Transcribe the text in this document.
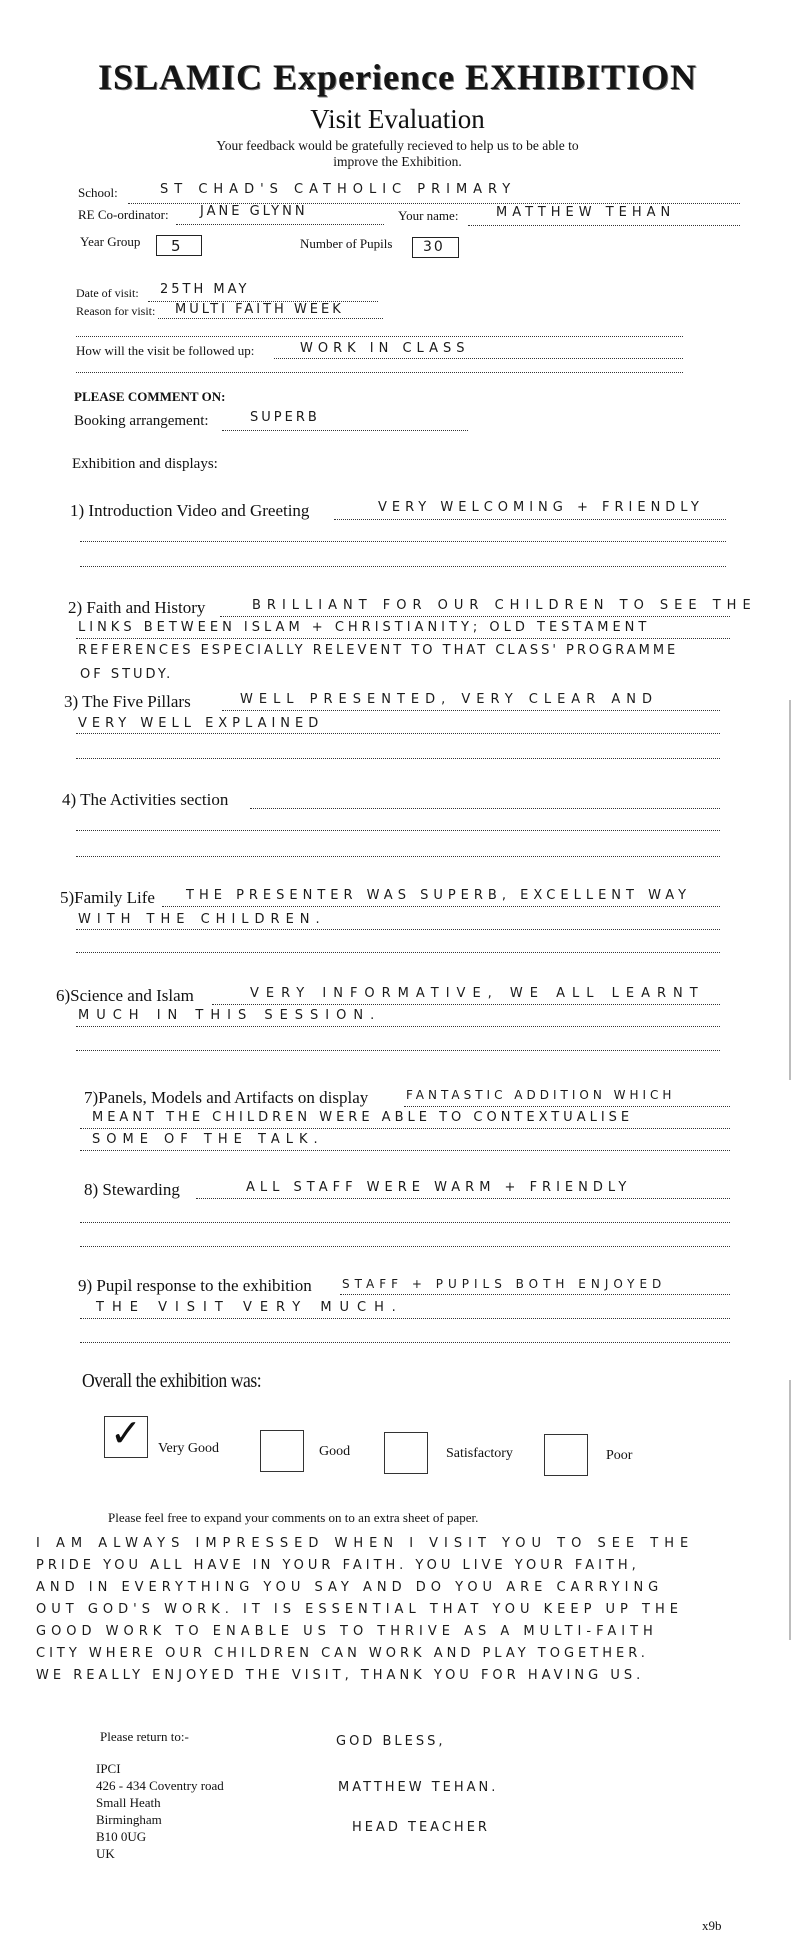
ISLAMIC Experience EXHIBITION
Visit Evaluation
Your feedback would be gratefully recieved to help us to be able to
improve the Exhibition.
School:	ST CHAD'S CATHOLIC PRIMARY
RE Co-ordinator: JANE GLYNN	Your name:	MATTHEW TEHAN
Year Group 5	Number of Pupils 30
Date of visit: 25TH MAY
Reason for visit: MULTI FAITH WEEK
How will the visit be followed up:	WORK IN CLASS
PLEASE COMMENT ON:
Booking arrangement:	SUPERB
Exhibition and displays:
1) Introduction Video and Greeting	VERY WELCOMING + FRIENDLY
2) Faith and History	BRILLIANT FOR OUR CHILDREN TO SEE THE
LINKS BETWEEN ISLAM + CHRISTIANITY; OLD TESTAMENT
REFERENCES ESPECIALLY RELEVENT TO THAT CLASS' PROGRAMME
OF STUDY.
3) The Five Pillars	WELL PRESENTED, VERY CLEAR AND
VERY WELL EXPLAINED
4) The Activities section
5)Family Life THE PRESENTER WAS SUPERB, EXCELLENT WAY
WITH THE CHILDREN.
6)Science and Islam	VERY INFORMATIVE, WE ALL LEARNT
MUCH IN THIS SESSION.
7)Panels, Models and Artifacts on display	FANTASTIC ADDITION WHICH
MEANT THE CHILDREN WERE ABLE TO CONTEXTUALISE
SOME OF THE TALK.
8) Stewarding	ALL STAFF WERE WARM + FRIENDLY
9) Pupil response to the exhibition	STAFF + PUPILS BOTH ENJOYED
THE VISIT VERY MUCH.
Overall the exhibition was:
✓ Very Good	Good	Satisfactory	Poor
Please feel free to expand your comments on to an extra sheet of paper.
I AM ALWAYS IMPRESSED WHEN I VISIT YOU TO SEE THE
PRIDE YOU ALL HAVE IN YOUR FAITH. YOU LIVE YOUR FAITH,
AND IN EVERYTHING YOU SAY AND DO YOU ARE CARRYING
OUT GOD'S WORK. IT IS ESSENTIAL THAT YOU KEEP UP THE
GOOD WORK TO ENABLE US TO THRIVE AS A MULTI-FAITH
CITY WHERE OUR CHILDREN CAN WORK AND PLAY TOGETHER.
WE REALLY ENJOYED THE VISIT, THANK YOU FOR HAVING US.
Please return to:-
IPCI
426 - 434 Coventry road
Small Heath
Birmingham
B10 0UG
UK
GOD BLESS,
MATTHEW TEHAN.
HEAD TEACHER
x9b
